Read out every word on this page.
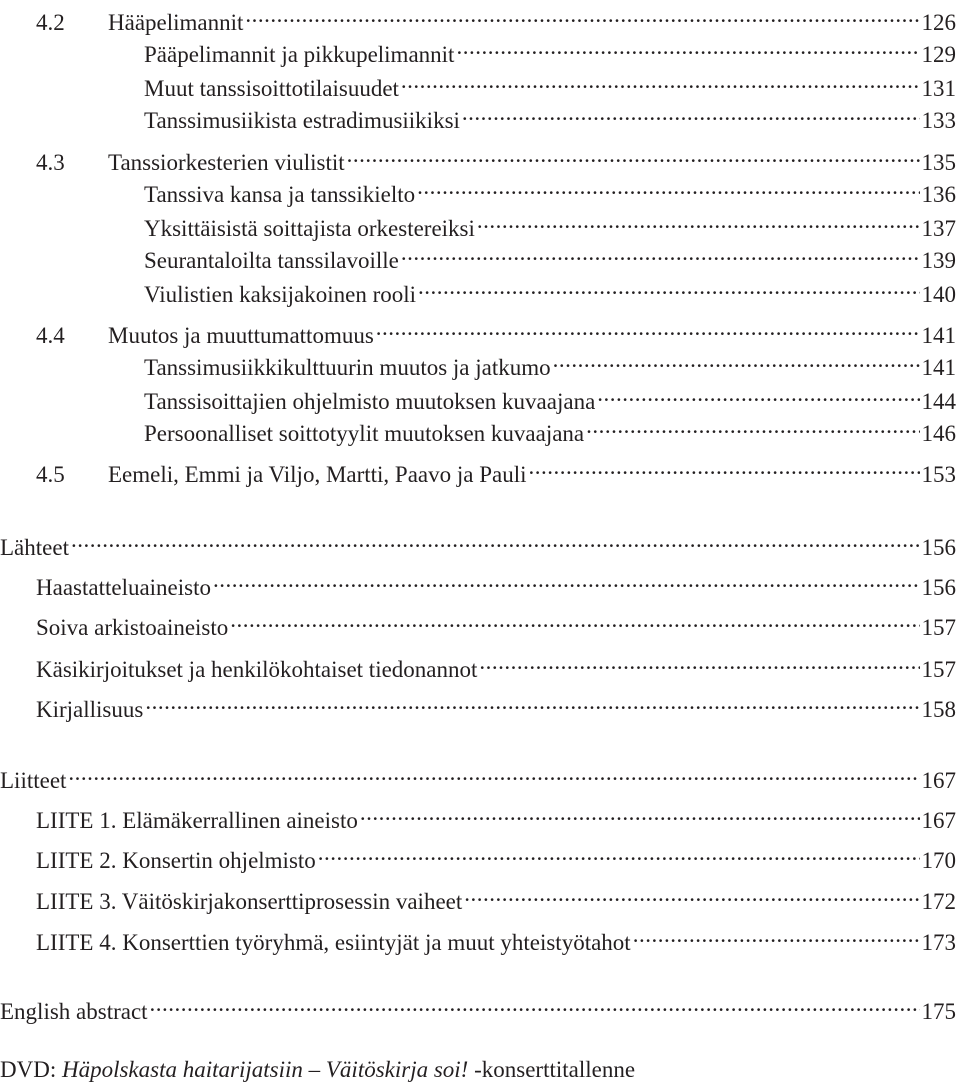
4.2	Hääpelimannit .....	126
Pääpelimannit ja pikkupelimannit .....	129
Muut tanssisoittotilaisuudet .....	131
Tanssimusiikista estradimusiikiksi .....	133
4.3	Tanssiorkesterien viulistit .....	135
Tanssiva kansa ja tanssikielto .....	136
Yksittäisistä soittajista orkestereiksi .....	137
Seurantaloilta tanssilavoille .....	139
Viulistien kaksijakoinen rooli .....	140
4.4	Muutos ja muuttumattomuus .....	141
Tanssimusiikkikulttuurin muutos ja jatkumo .....	141
Tanssisoittajien ohjelmisto muutoksen kuvaajana .....	144
Persoonalliset soittotyylit muutoksen kuvaajana .....	146
4.5	Eemeli, Emmi ja Viljo, Martti, Paavo ja Pauli .....	153
Lähteet .....	156
Haastatteluaineisto .....	156
Soiva arkistoaineisto .....	157
Käsikirjoitukset ja henkilökohtaiset tiedonannot .....	157
Kirjallisuus .....	158
Liitteet .....	167
LIITE 1. Elämäkerrallinen aineisto .....	167
LIITE 2. Konsertin ohjelmisto .....	170
LIITE 3. Väitöskirjakonserttiprosessin vaiheet .....	172
LIITE 4. Konserttien työryhmä, esiintyjät ja muut yhteistyötahot .....	173
English abstract .....	175
DVD: Häpolskasta haitarijatsiin – Väitöskirja soi! -konserttitallenne
